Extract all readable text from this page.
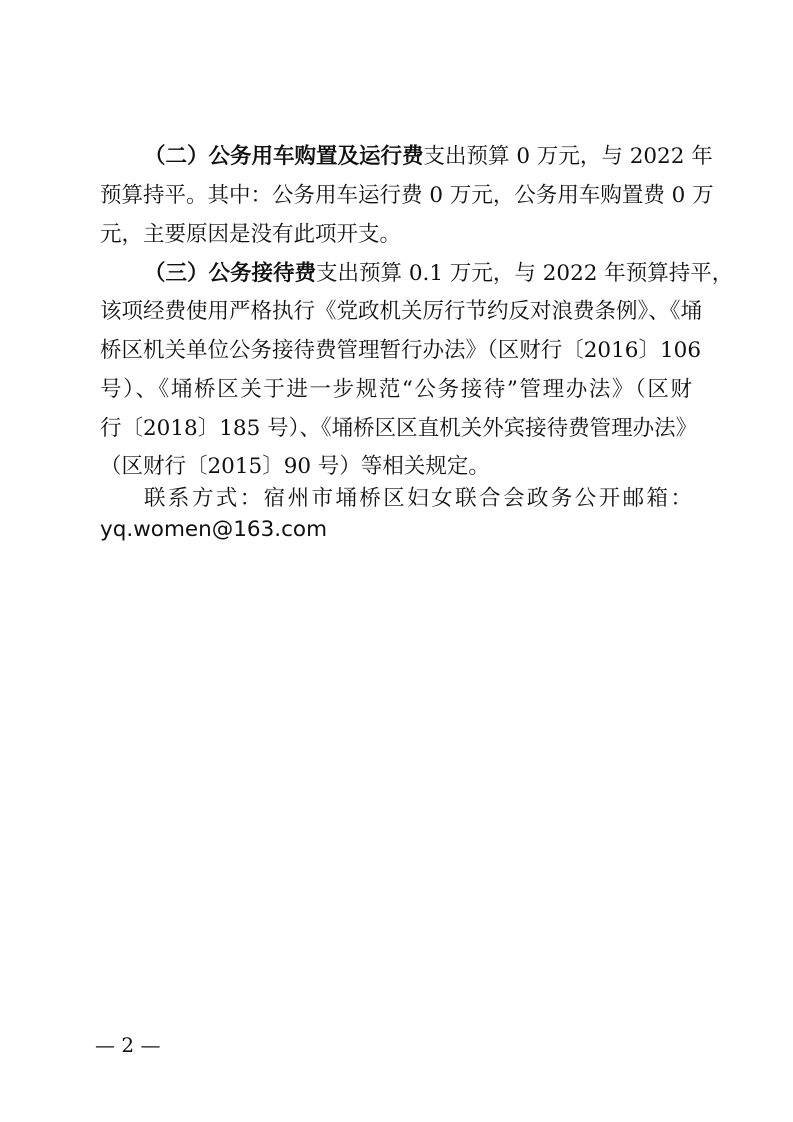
（二）公务用车购置及运行费支出预算 0 万元，与 2022 年
预算持平。其中：公务用车运行费 0 万元，公务用车购置费 0 万
元，主要原因是没有此项开支。
（三）公务接待费支出预算 0.1 万元，与 2022 年预算持平，
该项经费使用严格执行《党政机关厉行节约反对浪费条例》、《埇
桥区机关单位公务接待费管理暂行办法》（区财行〔2016〕106
号）、《埇桥区关于进一步规范“公务接待”管理办法》（区财
行〔2018〕185 号）、《埇桥区区直机关外宾接待费管理办法》
（区财行〔2015〕90 号）等相关规定。
联系方式：宿州市埇桥区妇女联合会政务公开邮箱：
yq.women@163.com
— 2 —
